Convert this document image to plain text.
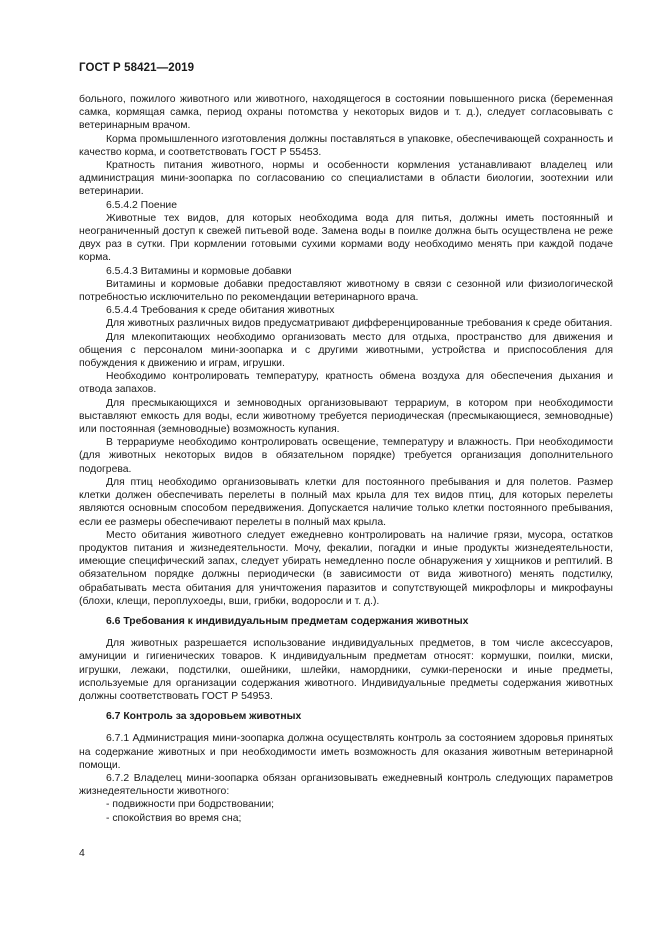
ГОСТ Р 58421—2019

больного, пожилого животного или животного, находящегося в состоянии повышенного риска (беременная самка, кормящая самка, период охраны потомства у некоторых видов и т. д.), следует согласовывать с ветеринарным врачом.

Корма промышленного изготовления должны поставляться в упаковке, обеспечивающей сохранность и качество корма, и соответствовать ГОСТ Р 55453.

Кратность питания животного, нормы и особенности кормления устанавливают владелец или администрация мини-зоопарка по согласованию со специалистами в области биологии, зоотехнии или ветеринарии.

6.5.4.2 Поение

Животные тех видов, для которых необходима вода для питья, должны иметь постоянный и неограниченный доступ к свежей питьевой воде. Замена воды в поилке должна быть осуществлена не реже двух раз в сутки. При кормлении готовыми сухими кормами воду необходимо менять при каждой подаче корма.

6.5.4.3 Витамины и кормовые добавки

Витамины и кормовые добавки предоставляют животному в связи с сезонной или физиологической потребностью исключительно по рекомендации ветеринарного врача.

6.5.4.4 Требования к среде обитания животных

Для животных различных видов предусматривают дифференцированные требования к среде обитания.

Для млекопитающих необходимо организовать место для отдыха, пространство для движения и общения с персоналом мини-зоопарка и с другими животными, устройства и приспособления для побуждения к движению и играм, игрушки.

Необходимо контролировать температуру, кратность обмена воздуха для обеспечения дыхания и отвода запахов.

Для пресмыкающихся и земноводных организовывают террариум, в котором при необходимости выставляют емкость для воды, если животному требуется периодическая (пресмыкающиеся, земноводные) или постоянная (земноводные) возможность купания.

В террариуме необходимо контролировать освещение, температуру и влажность. При необходимости (для животных некоторых видов в обязательном порядке) требуется организация дополнительного подогрева.

Для птиц необходимо организовывать клетки для постоянного пребывания и для полетов. Размер клетки должен обеспечивать перелеты в полный мах крыла для тех видов птиц, для которых перелеты являются основным способом передвижения. Допускается наличие только клетки постоянного пребывания, если ее размеры обеспечивают перелеты в полный мах крыла.

Место обитания животного следует ежедневно контролировать на наличие грязи, мусора, остатков продуктов питания и жизнедеятельности. Мочу, фекалии, погадки и иные продукты жизнедеятельности, имеющие специфический запах, следует убирать немедленно после обнаружения у хищников и рептилий. В обязательном порядке должны периодически (в зависимости от вида животного) менять подстилку, обрабатывать места обитания для уничтожения паразитов и сопутствующей микрофлоры и микрофауны (блохи, клещи, пероплухоеды, вши, грибки, водоросли и т. д.).

6.6 Требования к индивидуальным предметам содержания животных

Для животных разрешается использование индивидуальных предметов, в том числе аксессуаров, амуниции и гигиенических товаров. К индивидуальным предметам относят: кормушки, поилки, миски, игрушки, лежаки, подстилки, ошейники, шлейки, намордники, сумки-переноски и иные предметы, используемые для организации содержания животного. Индивидуальные предметы содержания животных должны соответствовать ГОСТ Р 54953.

6.7 Контроль за здоровьем животных

6.7.1 Администрация мини-зоопарка должна осуществлять контроль за состоянием здоровья принятых на содержание животных и при необходимости иметь возможность для оказания животным ветеринарной помощи.

6.7.2 Владелец мини-зоопарка обязан организовывать ежедневный контроль следующих параметров жизнедеятельности животного:

- подвижности при бодрствовании;
- спокойствия во время сна;
4
